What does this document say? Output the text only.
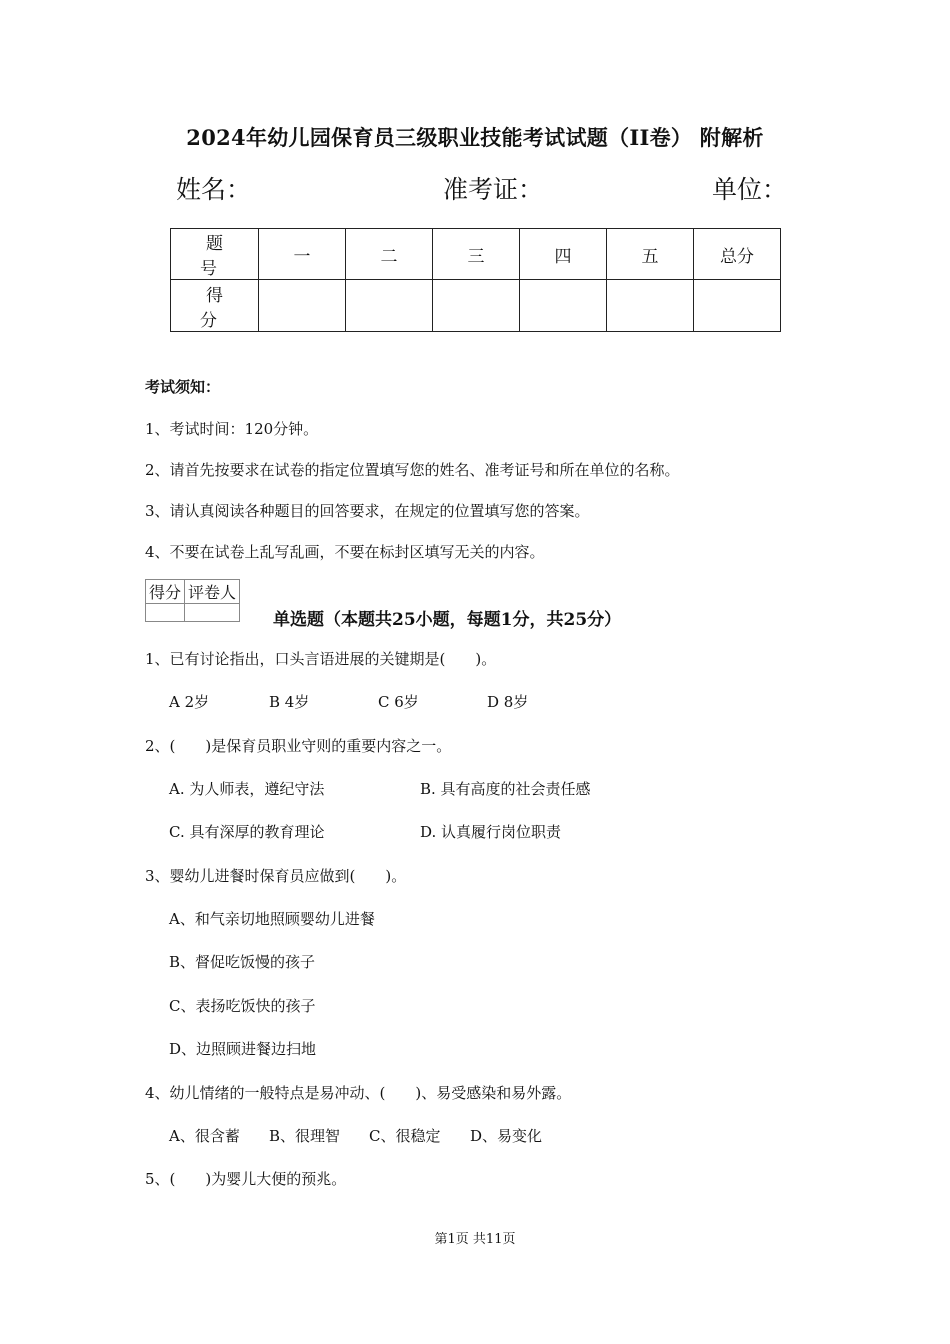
2024年幼儿园保育员三级职业技能考试试题（II卷） 附解析
姓名：	准考证：	单位：
题　号	一	二	三	四	五	总分
得　分						
考试须知：
1、考试时间：120分钟。
2、请首先按要求在试卷的指定位置填写您的姓名、准考证号和所在单位的名称。
3、请认真阅读各种题目的回答要求，在规定的位置填写您的答案。
4、不要在试卷上乱写乱画，不要在标封区填写无关的内容。
得分	评卷人

单选题（本题共25小题，每题1分，共25分）
1、已有讨论指出，口头言语进展的关键期是(　　)。
A 2岁	B 4岁	C 6岁	D 8岁
2、(　　)是保育员职业守则的重要内容之一。
A. 为人师表，遵纪守法	B. 具有高度的社会责任感
C. 具有深厚的教育理论	D. 认真履行岗位职责
3、婴幼儿进餐时保育员应做到(　　)。
A、和气亲切地照顾婴幼儿进餐
B、督促吃饭慢的孩子
C、表扬吃饭快的孩子
D、边照顾进餐边扫地
4、幼儿情绪的一般特点是易冲动、(　　)、易受感染和易外露。
A、很含蓄 B、很理智 C、很稳定 D、易变化
5、(　　)为婴儿大便的预兆。
第1页 共11页
